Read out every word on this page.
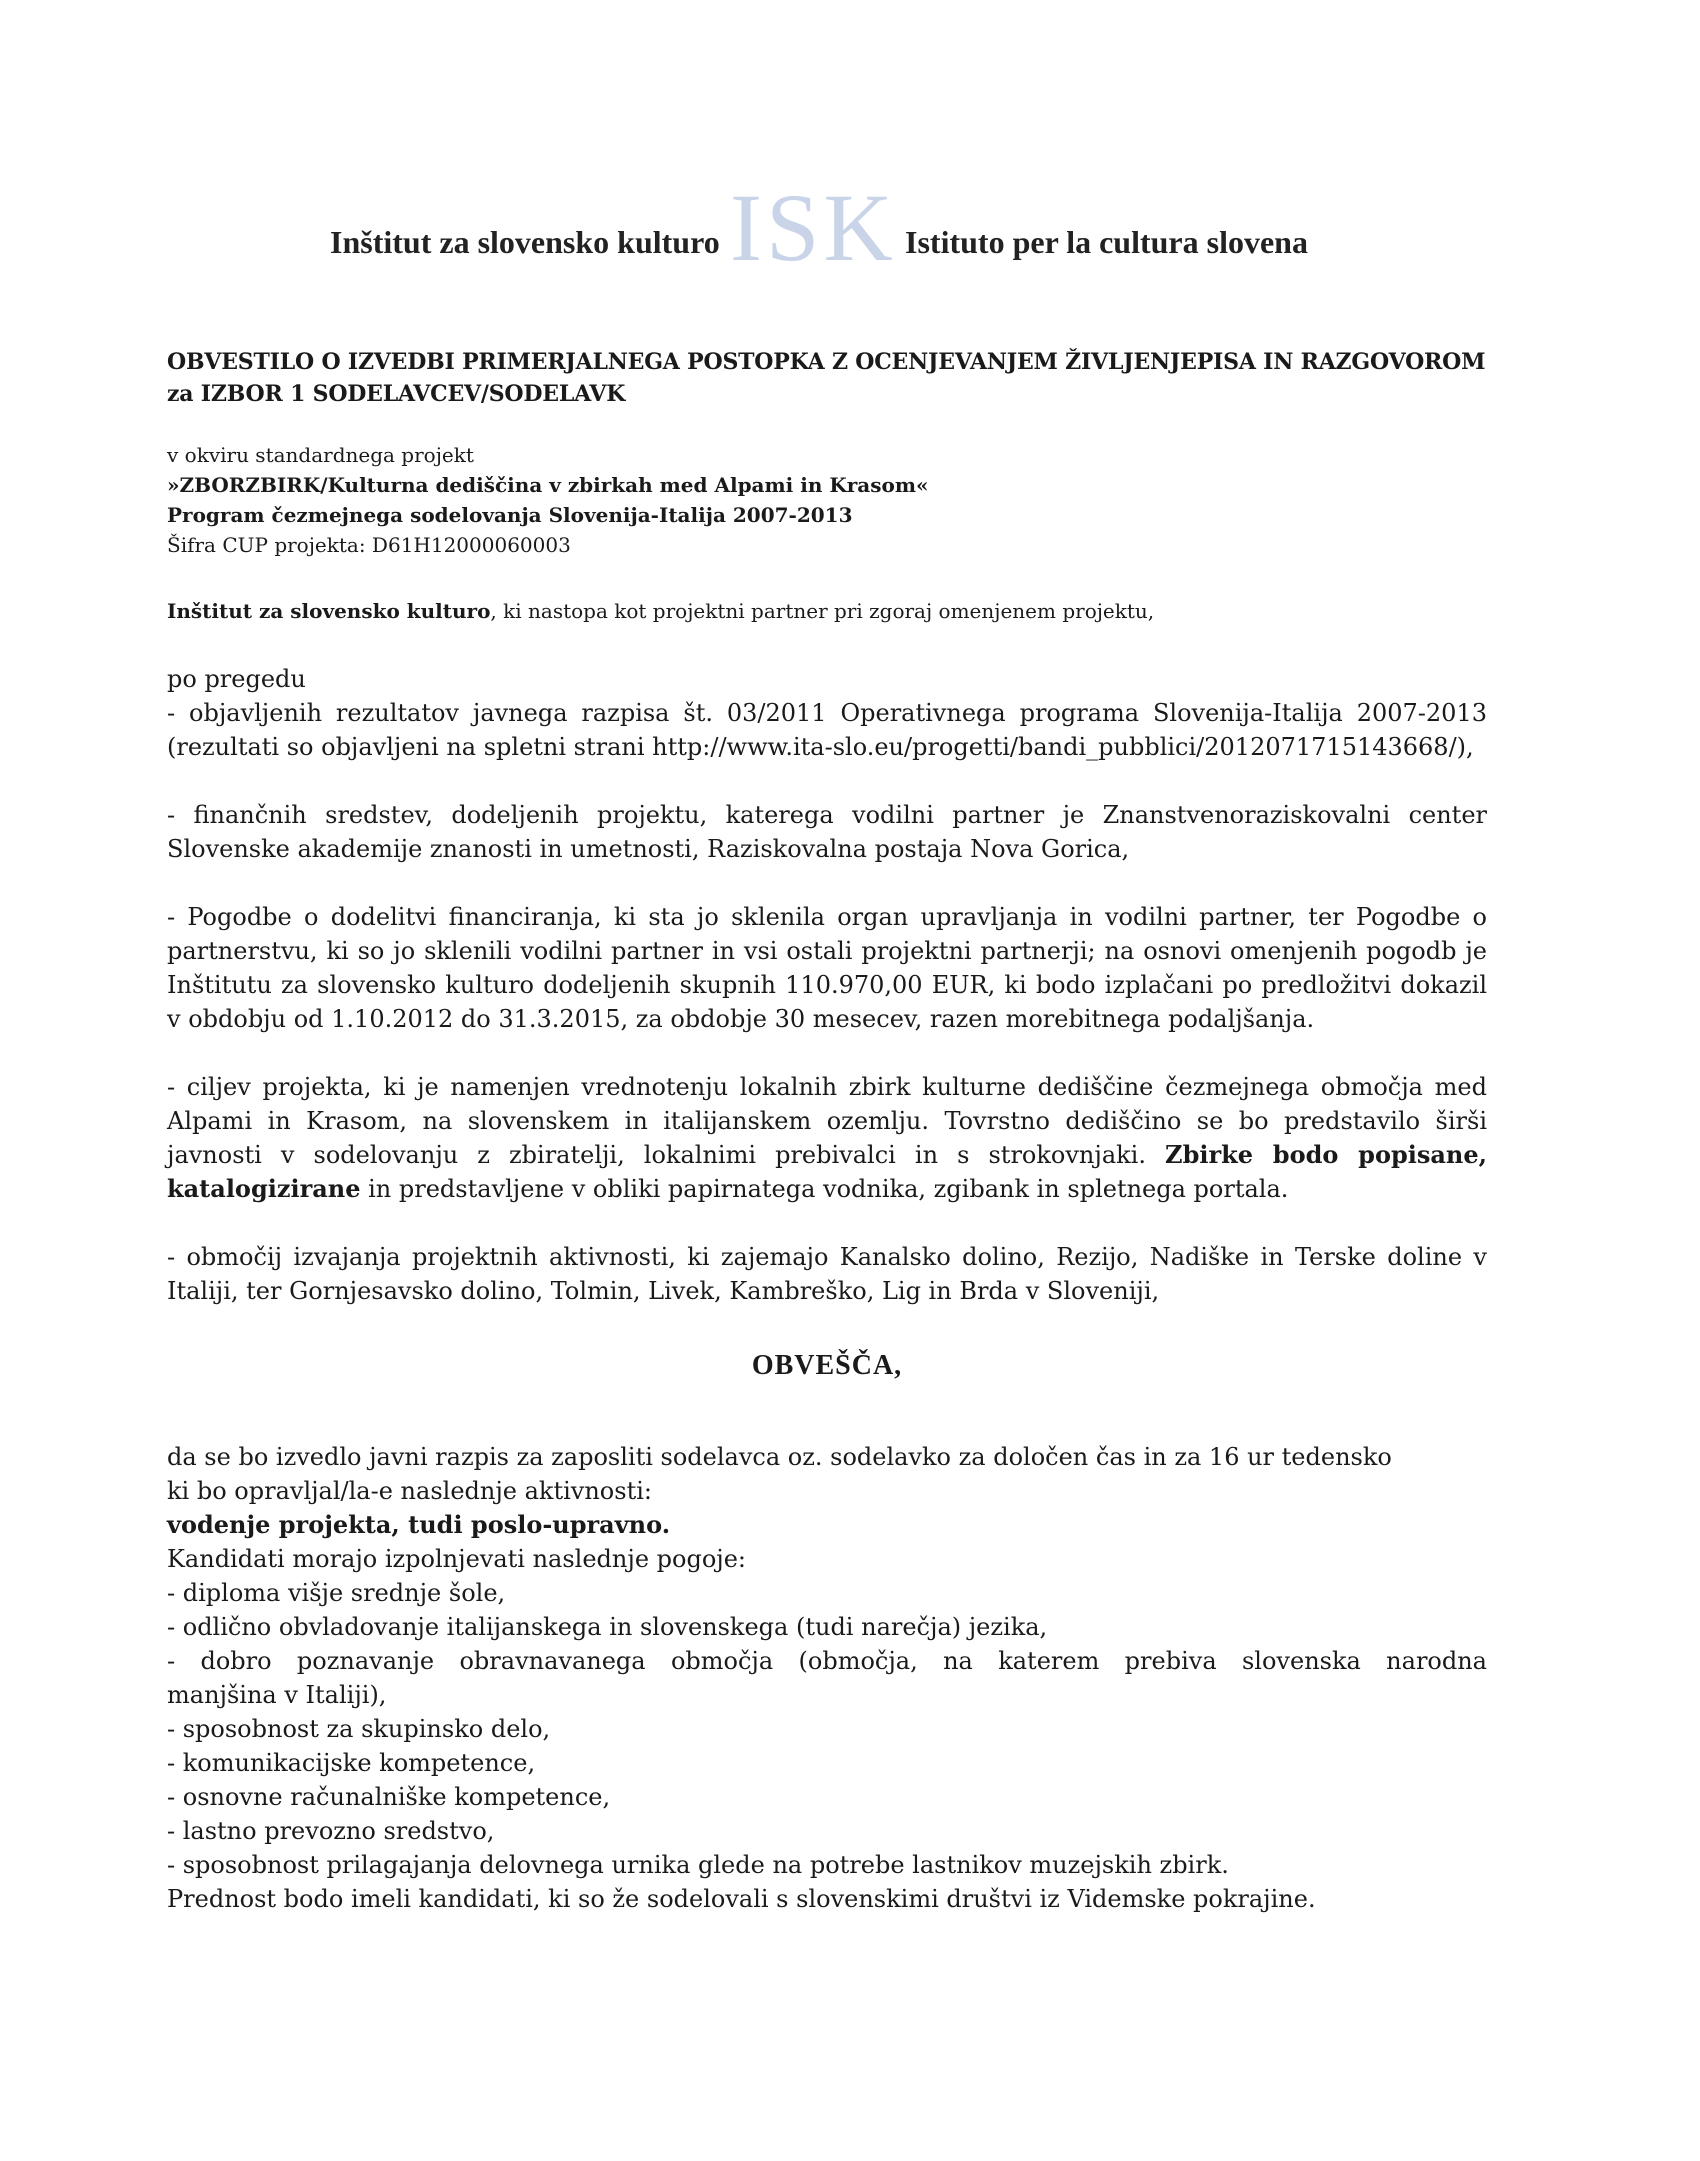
Inštitut za slovensko kulturo ISK Istituto per la cultura slovena
OBVESTILO O IZVEDBI PRIMERJALNEGA POSTOPKA Z OCENJEVANJEM ŽIVLJENJEPISA IN RAZGOVOROM
za IZBOR 1 SODELAVCEV/SODELAVK
v okviru standardnega projekt
»ZBORZBIRK/Kulturna dediščina v zbirkah med Alpami in Krasom«
Program čezmejnega sodelovanja Slovenija-Italija 2007-2013
Šifra CUP projekta: D61H12000060003
Inštitut za slovensko kulturo, ki nastopa kot projektni partner pri zgoraj omenjenem projektu,

po pregedu

- objavljenih rezultatov javnega razpisa št. 03/2011 Operativnega programa Slovenija-Italija 2007-2013 (rezultati so objavljeni na spletni strani http://www.ita-slo.eu/progetti/bandi_pubblici/2012071715143668/),

- finančnih sredstev, dodeljenih projektu, katerega vodilni partner je Znanstvenoraziskovalni center Slovenske akademije znanosti in umetnosti, Raziskovalna postaja Nova Gorica,

- Pogodbe o dodelitvi financiranja, ki sta jo sklenila organ upravljanja in vodilni partner, ter Pogodbe o partnerstvu, ki so jo sklenili vodilni partner in vsi ostali projektni partnerji; na osnovi omenjenih pogodb je Inštitutu za slovensko kulturo dodeljenih skupnih 110.970,00 EUR, ki bodo izplačani po predložitvi dokazil v obdobju od 1.10.2012 do 31.3.2015, za obdobje 30 mesecev, razen morebitnega podaljšanja.

- ciljev projekta, ki je namenjen vrednotenju lokalnih zbirk kulturne dediščine čezmejnega območja med Alpami in Krasom, na slovenskem in italijanskem ozemlju. Tovrstno dediščino se bo predstavilo širši javnosti v sodelovanju z zbiratelji, lokalnimi prebivalci in s strokovnjaki. Zbirke bodo popisane, katalogizirane in predstavljene v obliki papirnatega vodnika, zgibank in spletnega portala.

- območij izvajanja projektnih aktivnosti, ki zajemajo Kanalsko dolino, Rezijo, Nadiške in Terske doline v Italiji, ter Gornjesavsko dolino, Tolmin, Livek, Kambreško, Lig in Brda v Sloveniji,

OBVEŠČA,
da se bo izvedlo javni razpis za zaposliti sodelavca oz. sodelavko za določen čas in za 16 ur tedensko
ki bo opravljal/la-e naslednje aktivnosti:
vodenje projekta, tudi poslo-upravno.
Kandidati morajo izpolnjevati naslednje pogoje:
- diploma višje srednje šole,
- odlično obvladovanje italijanskega in slovenskega (tudi narečja) jezika,
- dobro poznavanje obravnavanega območja (območja, na katerem prebiva slovenska narodna
manjšina v Italiji),
- sposobnost za skupinsko delo,
- komunikacijske kompetence,
- osnovne računalniške kompetence,
- lastno prevozno sredstvo,
- sposobnost prilagajanja delovnega urnika glede na potrebe lastnikov muzejskih zbirk.
Prednost bodo imeli kandidati, ki so že sodelovali s slovenskimi društvi iz Videmske pokrajine.
